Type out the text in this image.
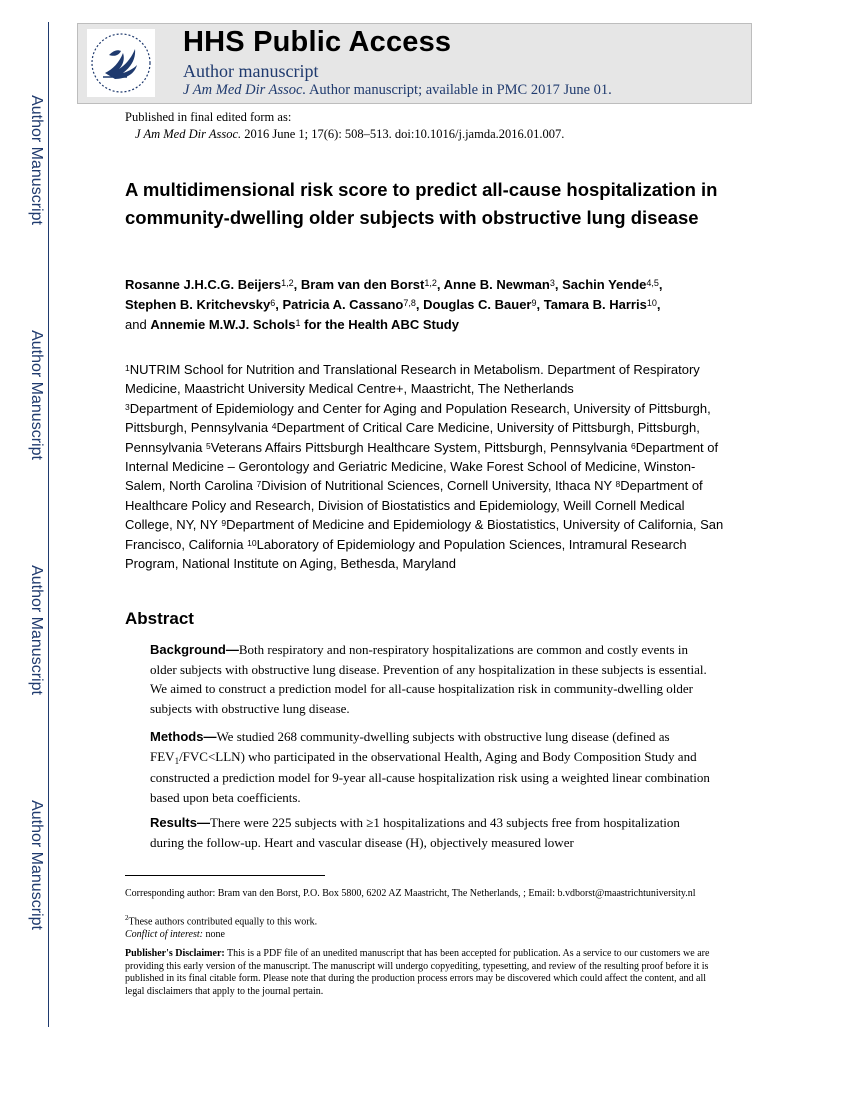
Author Manuscript
Author Manuscript
Author Manuscript
Author Manuscript
HHS Public Access
Author manuscript
J Am Med Dir Assoc. Author manuscript; available in PMC 2017 June 01.
Published in final edited form as:
J Am Med Dir Assoc. 2016 June 1; 17(6): 508–513. doi:10.1016/j.jamda.2016.01.007.
A multidimensional risk score to predict all-cause hospitalization in community-dwelling older subjects with obstructive lung disease
Rosanne J.H.C.G. Beijers$^{1,2}$, Bram van den Borst$^{1,2}$, Anne B. Newman$^3$, Sachin Yende$^{4,5}$,
Stephen B. Kritchevsky$^6$, Patricia A. Cassano$^{7,8}$, Douglas C. Bauer$^9$, Tamara B. Harris$^{10}$,
and Annemie M.W.J. Schols$^1$ for the Health ABC Study
$^1$NUTRIM School for Nutrition and Translational Research in Metabolism. Department of Respiratory Medicine, Maastricht University Medical Centre+, Maastricht, The Netherlands
$^3$Department of Epidemiology and Center for Aging and Population Research, University of Pittsburgh, Pittsburgh, Pennsylvania $^4$Department of Critical Care Medicine, University of Pittsburgh, Pittsburgh, Pennsylvania $^5$Veterans Affairs Pittsburgh Healthcare System, Pittsburgh, Pennsylvania $^6$Department of Internal Medicine – Gerontology and Geriatric Medicine, Wake Forest School of Medicine, Winston-Salem, North Carolina $^7$Division of Nutritional Sciences, Cornell University, Ithaca NY $^8$Department of Healthcare Policy and Research, Division of Biostatistics and Epidemiology, Weill Cornell Medical College, NY, NY $^9$Department of Medicine and Epidemiology & Biostatistics, University of California, San Francisco, California $^{10}$Laboratory of Epidemiology and Population Sciences, Intramural Research Program, National Institute on Aging, Bethesda, Maryland
Abstract
Background—Both respiratory and non-respiratory hospitalizations are common and costly events in older subjects with obstructive lung disease. Prevention of any hospitalization in these subjects is essential. We aimed to construct a prediction model for all-cause hospitalization risk in community-dwelling older subjects with obstructive lung disease.
Methods—We studied 268 community-dwelling subjects with obstructive lung disease (defined as $FEV_1/FVC<LLN$) who participated in the observational Health, Aging and Body Composition Study and constructed a prediction model for 9-year all-cause hospitalization risk using a weighted linear combination based upon beta coefficients.
Results—There were 225 subjects with ≥1 hospitalizations and 43 subjects free from hospitalization during the follow-up. Heart and vascular disease (H), objectively measured lower
Corresponding author: Bram van den Borst, P.O. Box 5800, 6202 AZ Maastricht, The Netherlands, ; Email: b.vdborst@maastrichtuniversity.nl
$^2$These authors contributed equally to this work.
Conflict of interest: none
Publisher's Disclaimer: This is a PDF file of an unedited manuscript that has been accepted for publication. As a service to our customers we are providing this early version of the manuscript. The manuscript will undergo copyediting, typesetting, and review of the resulting proof before it is published in its final citable form. Please note that during the production process errors may be discovered which could affect the content, and all legal disclaimers that apply to the journal pertain.
